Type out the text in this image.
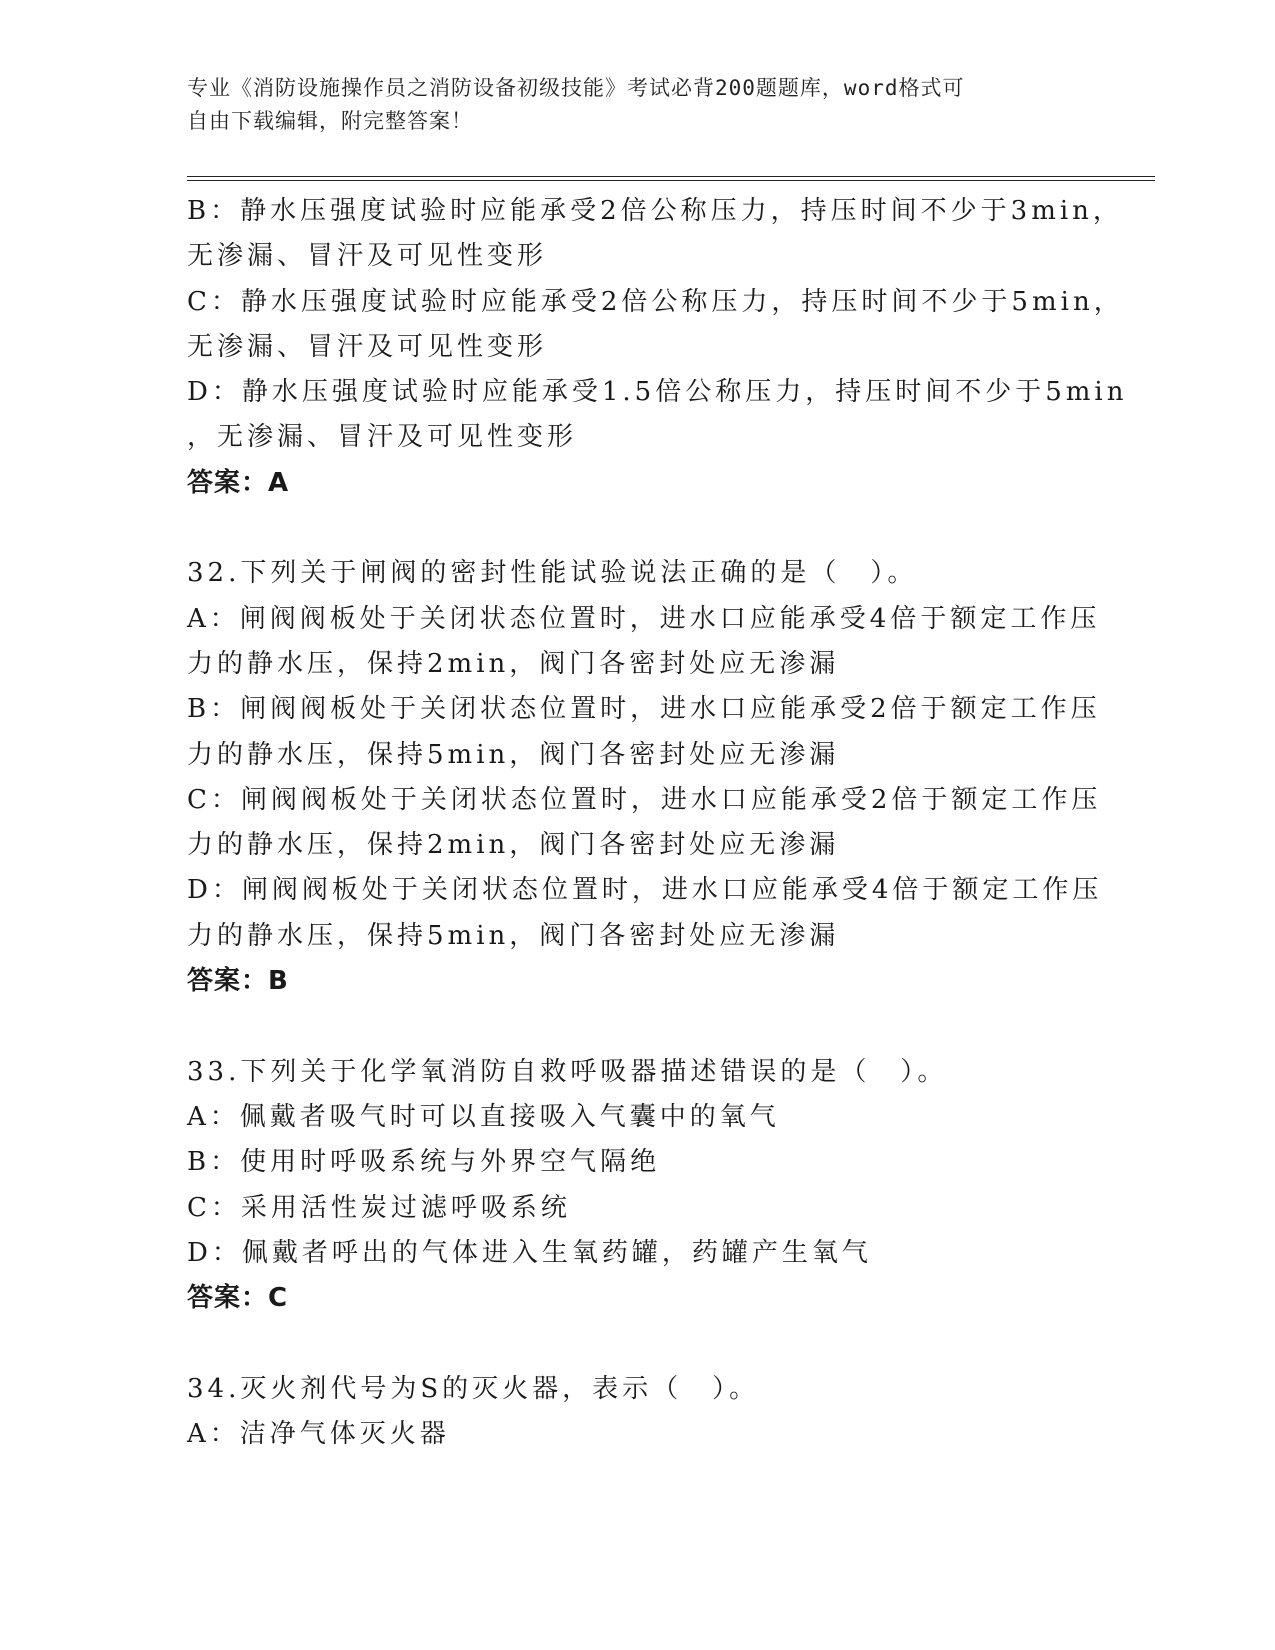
专业《消防设施操作员之消防设备初级技能》考试必背200题题库，word格式可
自由下载编辑，附完整答案！
B：静水压强度试验时应能承受2倍公称压力，持压时间不少于3min，
无渗漏、冒汗及可见性变形
C：静水压强度试验时应能承受2倍公称压力，持压时间不少于5min，
无渗漏、冒汗及可见性变形
D：静水压强度试验时应能承受1.5倍公称压力，持压时间不少于5min
，无渗漏、冒汗及可见性变形
答案：A
32.下列关于闸阀的密封性能试验说法正确的是（　）。
A：闸阀阀板处于关闭状态位置时，进水口应能承受4倍于额定工作压
力的静水压，保持2min，阀门各密封处应无渗漏
B：闸阀阀板处于关闭状态位置时，进水口应能承受2倍于额定工作压
力的静水压，保持5min，阀门各密封处应无渗漏
C：闸阀阀板处于关闭状态位置时，进水口应能承受2倍于额定工作压
力的静水压，保持2min，阀门各密封处应无渗漏
D：闸阀阀板处于关闭状态位置时，进水口应能承受4倍于额定工作压
力的静水压，保持5min，阀门各密封处应无渗漏
答案：B
33.下列关于化学氧消防自救呼吸器描述错误的是（　）。
A：佩戴者吸气时可以直接吸入气囊中的氧气
B：使用时呼吸系统与外界空气隔绝
C：采用活性炭过滤呼吸系统
D：佩戴者呼出的气体进入生氧药罐，药罐产生氧气
答案：C
34.灭火剂代号为S的灭火器，表示（　）。
A：洁净气体灭火器
